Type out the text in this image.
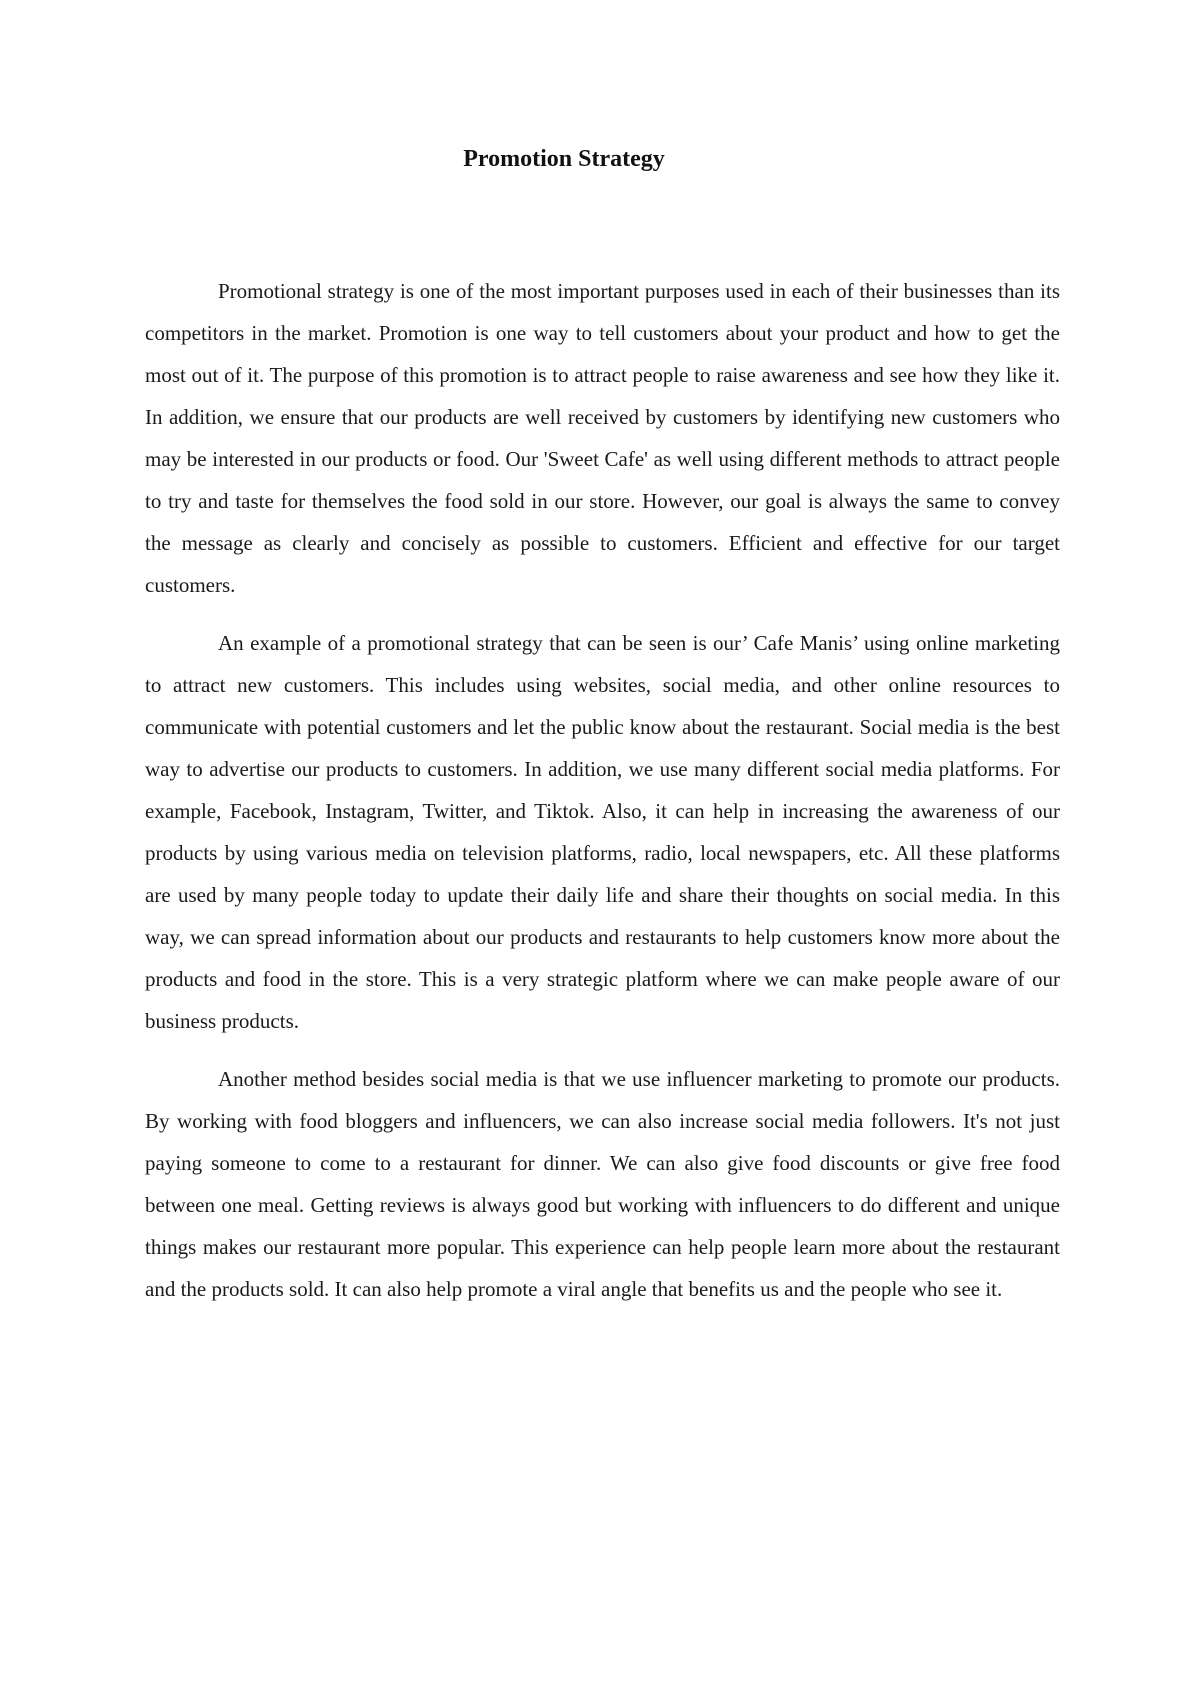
Promotion Strategy

Promotional strategy is one of the most important purposes used in each of their businesses than its competitors in the market. Promotion is one way to tell customers about your product and how to get the most out of it. The purpose of this promotion is to attract people to raise awareness and see how they like it. In addition, we ensure that our products are well received by customers by identifying new customers who may be interested in our products or food. Our 'Sweet Cafe' as well using different methods to attract people to try and taste for themselves the food sold in our store. However, our goal is always the same to convey the message as clearly and concisely as possible to customers. Efficient and effective for our target customers.

An example of a promotional strategy that can be seen is our’ Cafe Manis’ using online marketing to attract new customers. This includes using websites, social media, and other online resources to communicate with potential customers and let the public know about the restaurant. Social media is the best way to advertise our products to customers. In addition, we use many different social media platforms. For example, Facebook, Instagram, Twitter, and Tiktok. Also, it can help in increasing the awareness of our products by using various media on television platforms, radio, local newspapers, etc. All these platforms are used by many people today to update their daily life and share their thoughts on social media. In this way, we can spread information about our products and restaurants to help customers know more about the products and food in the store. This is a very strategic platform where we can make people aware of our business products.

Another method besides social media is that we use influencer marketing to promote our products. By working with food bloggers and influencers, we can also increase social media followers. It's not just paying someone to come to a restaurant for dinner. We can also give food discounts or give free food between one meal. Getting reviews is always good but working with influencers to do different and unique things makes our restaurant more popular. This experience can help people learn more about the restaurant and the products sold. It can also help promote a viral angle that benefits us and the people who see it.
